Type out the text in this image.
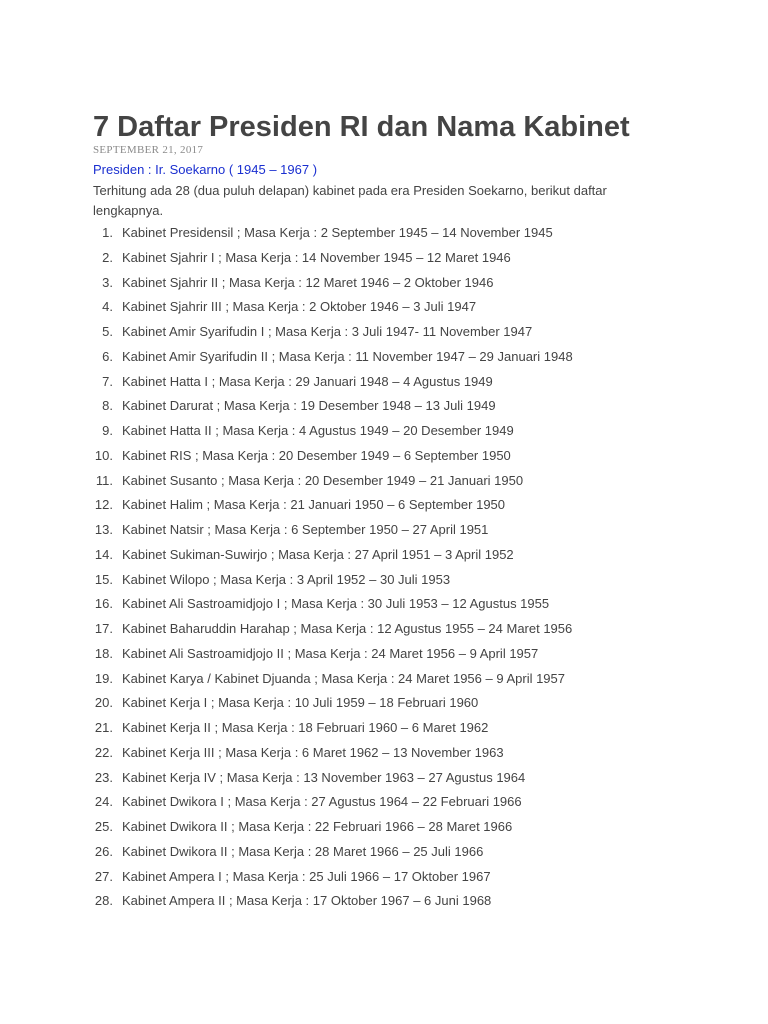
7 Daftar Presiden RI dan Nama Kabinet
SEPTEMBER 21, 2017
Presiden : Ir. Soekarno ( 1945 – 1967 )

Terhitung ada 28 (dua puluh delapan) kabinet pada era Presiden Soekarno, berikut daftar lengkapnya.

1. Kabinet Presidensil ; Masa Kerja : 2 September 1945 – 14 November 1945
2. Kabinet Sjahrir I ; Masa Kerja : 14 November 1945 – 12 Maret 1946
3. Kabinet Sjahrir II ; Masa Kerja : 12 Maret 1946 – 2 Oktober 1946
4. Kabinet Sjahrir III ; Masa Kerja : 2 Oktober 1946 – 3 Juli 1947
5. Kabinet Amir Syarifudin I ; Masa Kerja : 3 Juli 1947- 11 November 1947
6. Kabinet Amir Syarifudin II ; Masa Kerja : 11 November 1947 – 29 Januari 1948
7. Kabinet Hatta I ; Masa Kerja : 29 Januari 1948 – 4 Agustus 1949
8. Kabinet Darurat ; Masa Kerja : 19 Desember 1948 – 13 Juli 1949
9. Kabinet Hatta II ; Masa Kerja : 4 Agustus 1949 – 20 Desember 1949
10. Kabinet RIS ; Masa Kerja : 20 Desember 1949 – 6 September 1950
11. Kabinet Susanto ; Masa Kerja : 20 Desember 1949 – 21 Januari 1950
12. Kabinet Halim ; Masa Kerja : 21 Januari 1950 – 6 September 1950
13. Kabinet Natsir ; Masa Kerja : 6 September 1950 – 27 April 1951
14. Kabinet Sukiman-Suwirjo ; Masa Kerja : 27 April 1951 – 3 April 1952
15. Kabinet Wilopo ; Masa Kerja : 3 April 1952 – 30 Juli 1953
16. Kabinet Ali Sastroamidjojo I ; Masa Kerja : 30 Juli 1953 – 12 Agustus 1955
17. Kabinet Baharuddin Harahap ; Masa Kerja : 12 Agustus 1955 – 24 Maret 1956
18. Kabinet Ali Sastroamidjojo II ; Masa Kerja : 24 Maret 1956 – 9 April 1957
19. Kabinet Karya / Kabinet Djuanda ; Masa Kerja : 24 Maret 1956 – 9 April 1957
20. Kabinet Kerja I ; Masa Kerja : 10 Juli 1959 – 18 Februari 1960
21. Kabinet Kerja II ; Masa Kerja : 18 Februari 1960 – 6 Maret 1962
22. Kabinet Kerja III ; Masa Kerja : 6 Maret 1962 – 13 November 1963
23. Kabinet Kerja IV ; Masa Kerja : 13 November 1963 – 27 Agustus 1964
24. Kabinet Dwikora I ; Masa Kerja : 27 Agustus 1964 – 22 Februari 1966
25. Kabinet Dwikora II ; Masa Kerja : 22 Februari 1966 – 28 Maret 1966
26. Kabinet Dwikora II ; Masa Kerja : 28 Maret 1966 – 25 Juli 1966
27. Kabinet Ampera I ; Masa Kerja : 25 Juli 1966 – 17 Oktober 1967
28. Kabinet Ampera II ; Masa Kerja : 17 Oktober 1967 – 6 Juni 1968
